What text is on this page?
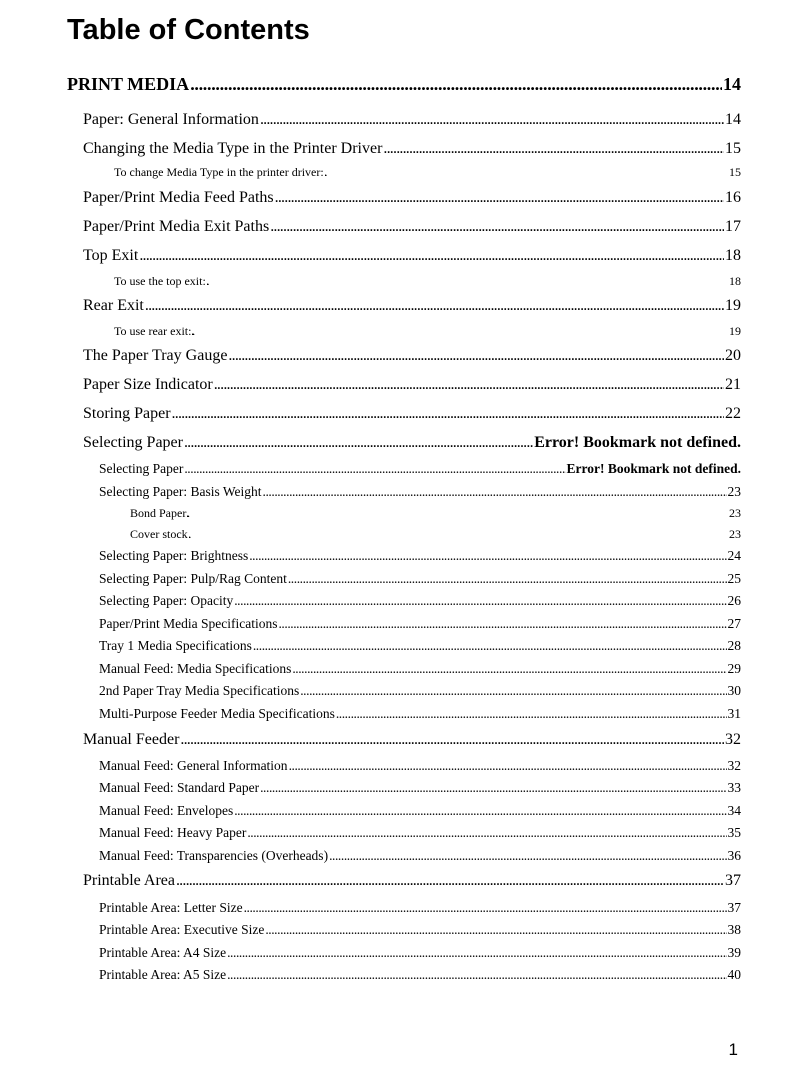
Table of Contents
PRINT MEDIA . . .	14
Paper: General Information . . .	14
Changing the Media Type in the Printer Driver . . .	15
To change Media Type in the printer driver: . . .	15
Paper/Print Media Feed Paths . . .	16
Paper/Print Media Exit Paths . . .	17
Top Exit . . .	18
To use the top exit: . . .	18
Rear Exit . . .	19
To use rear exit: . . .	19
The Paper Tray Gauge . . .	20
Paper Size Indicator . . .	21
Storing Paper . . .	22
Selecting Paper . . .	Error! Bookmark not defined.
Selecting Paper . . .	Error! Bookmark not defined.
Selecting Paper: Basis Weight . . .	23
Bond Paper . . .	23
Cover stock . . .	23
Selecting Paper: Brightness . . .	24
Selecting Paper: Pulp/Rag Content . . .	25
Selecting Paper: Opacity . . .	26
Paper/Print Media Specifications . . .	27
Tray 1 Media Specifications . . .	28
Manual Feed: Media Specifications . . .	29
2nd Paper Tray Media Specifications . . .	30
Multi-Purpose Feeder Media Specifications . . .	31
Manual Feeder . . .	32
Manual Feed: General Information . . .	32
Manual Feed: Standard Paper . . .	33
Manual Feed: Envelopes . . .	34
Manual Feed: Heavy Paper . . .	35
Manual Feed: Transparencies (Overheads) . . .	36
Printable Area . . .	37
Printable Area: Letter Size . . .	37
Printable Area: Executive Size . . .	38
Printable Area: A4 Size . . .	39
Printable Area: A5 Size . . .	40
1
